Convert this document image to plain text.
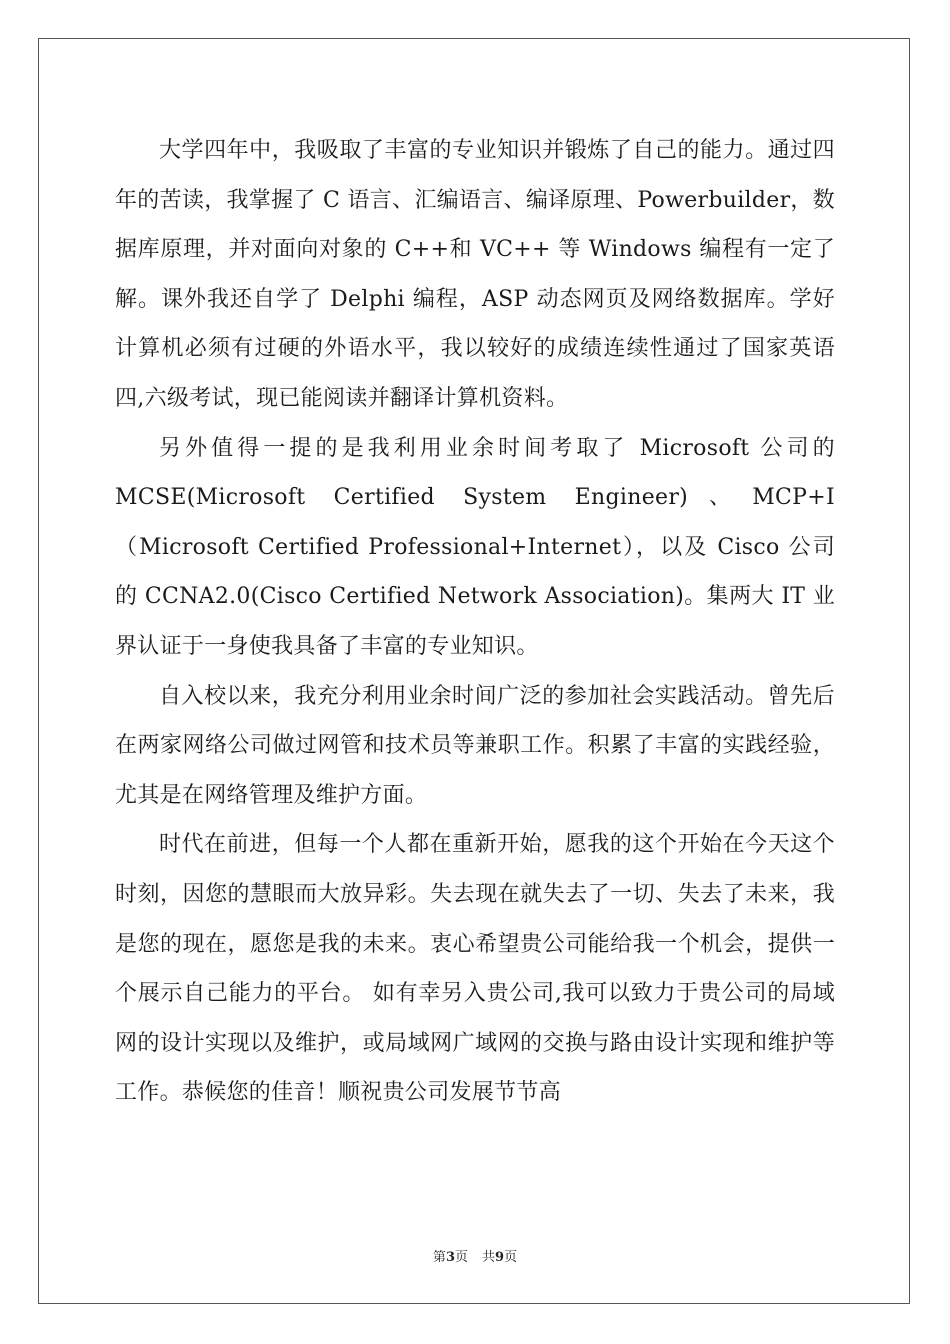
大学四年中，我吸取了丰富的专业知识并锻炼了自己的能力。通过四年的苦读，我掌握了 C 语言、汇编语言、编译原理、Powerbuilder，数据库原理，并对面向对象的 C++和 VC++ 等 Windows 编程有一定了解。课外我还自学了 Delphi 编程，ASP 动态网页及网络数据库。学好计算机必须有过硬的外语水平，我以较好的成绩连续性通过了国家英语四,六级考试，现已能阅读并翻译计算机资料。

另外值得一提的是我利用业余时间考取了 Microsoft 公司的 MCSE(Microsoft Certified System Engineer)、MCP+I（Microsoft Certified Professional+Internet），以及 Cisco 公司的 CCNA2.0(Cisco Certified Network Association)。集两大 IT 业界认证于一身使我具备了丰富的专业知识。

自入校以来，我充分利用业余时间广泛的参加社会实践活动。曾先后在两家网络公司做过网管和技术员等兼职工作。积累了丰富的实践经验，尤其是在网络管理及维护方面。

时代在前进，但每一个人都在重新开始，愿我的这个开始在今天这个时刻，因您的慧眼而大放异彩。失去现在就失去了一切、失去了未来，我是您的现在，愿您是我的未来。衷心希望贵公司能给我一个机会，提供一个展示自己能力的平台。 如有幸另入贵公司,我可以致力于贵公司的局域网的设计实现以及维护，或局域网广域网的交换与路由设计实现和维护等工作。恭候您的佳音！顺祝贵公司发展节节高

第3页 共9页
